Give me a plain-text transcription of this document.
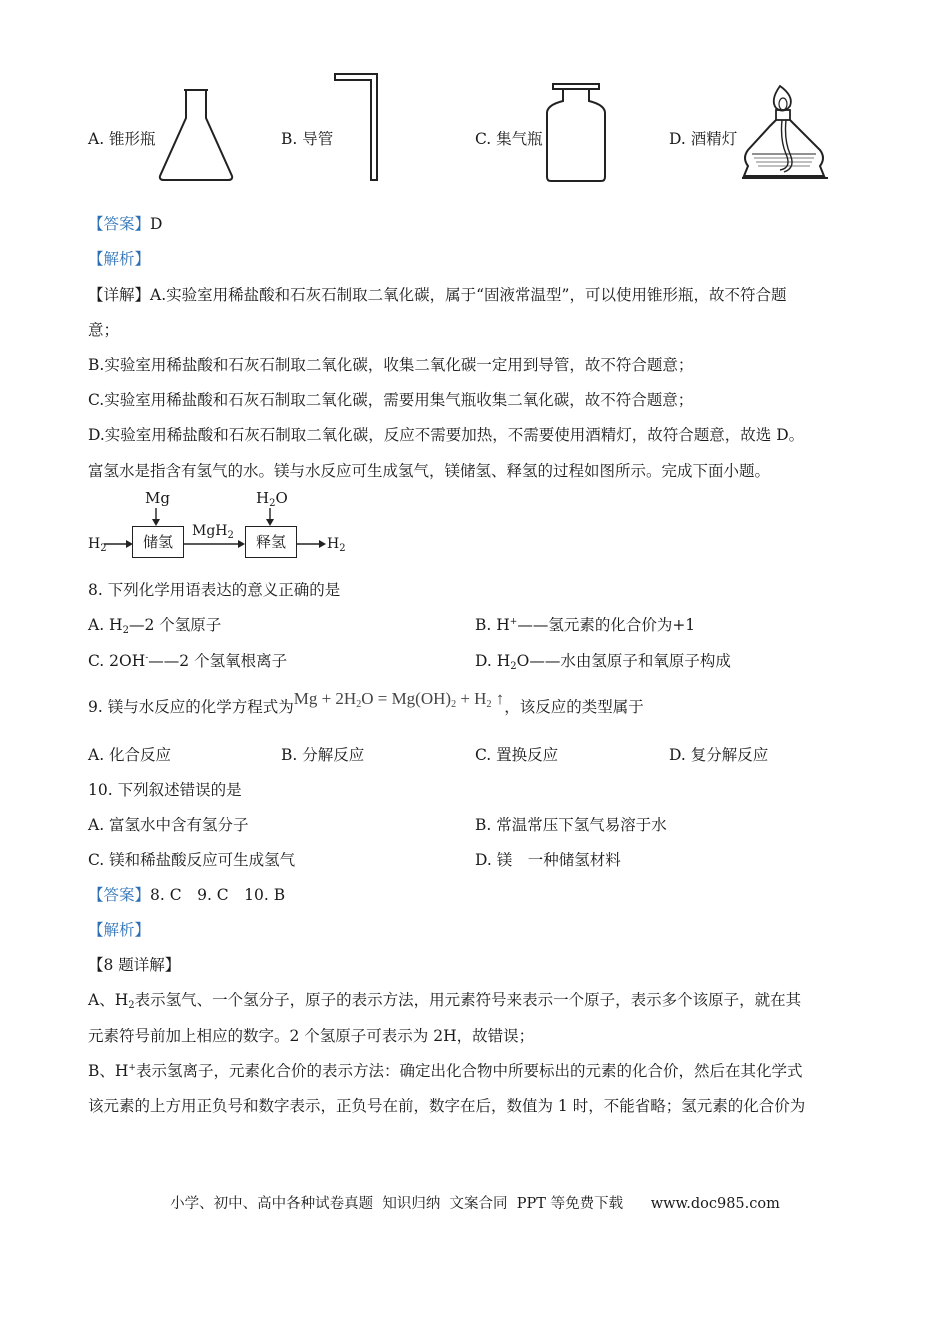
A. 锥形瓶	B. 导管	C. 集气瓶	D. 酒精灯
【答案】D
【解析】
【详解】A.实验室用稀盐酸和石灰石制取二氧化碳，属于“固液常温型”，可以使用锥形瓶，故不符合题
意；
B.实验室用稀盐酸和石灰石制取二氧化碳，收集二氧化碳一定用到导管，故不符合题意；
C.实验室用稀盐酸和石灰石制取二氧化碳，需要用集气瓶收集二氧化碳，故不符合题意；
D.实验室用稀盐酸和石灰石制取二氧化碳，反应不需要加热，不需要使用酒精灯，故符合题意，故选 D。
富氢水是指含有氢气的水。镁与水反应可生成氢气，镁储氢、释氢的过程如图所示。完成下面小题。
$H_2$	储氢
Mg
MgH$_2$	释氢
$H_2O$
$H_2$
8. 下列化学用语表达的意义正确的是
A. $H_2—2$ 个氢原子	B. H+——氢元素的化合价为+1
C. 2OH-——2 个氢氧根离子	D. $H_2O——$水由氢原子和氧原子构成
9. 镁与水反应的化学方程式为$Mg + 2H_2O = Mg(OH)_2 + H_2$ ↑，该反应的类型属于
A. 化合反应	B. 分解反应	C. 置换反应	D. 复分解反应
10. 下列叙述错误的是
A. 富氢水中含有氢分子	B. 常温常压下氢气易溶于水
C. 镁和稀盐酸反应可生成氢气	D. 镁　一种储氢材料
【答案】8. C　9. C　10. B
【解析】
【8 题详解】
A、$H_2$表示氢气、一个氢分子，原子的表示方法，用元素符号来表示一个原子，表示多个该原子，就在其
元素符号前加上相应的数字。2 个氢原子可表示为 2H，故错误；
B、H+表示氢离子，元素化合价的表示方法：确定出化合物中所要标出的元素的化合价，然后在其化学式
该元素的上方用正负号和数字表示，正负号在前，数字在后，数值为 1 时，不能省略；氢元素的化合价为
小学、初中、高中各种试卷真题  知识归纳  文案合同  PPT 等免费下载      www.doc985.com
